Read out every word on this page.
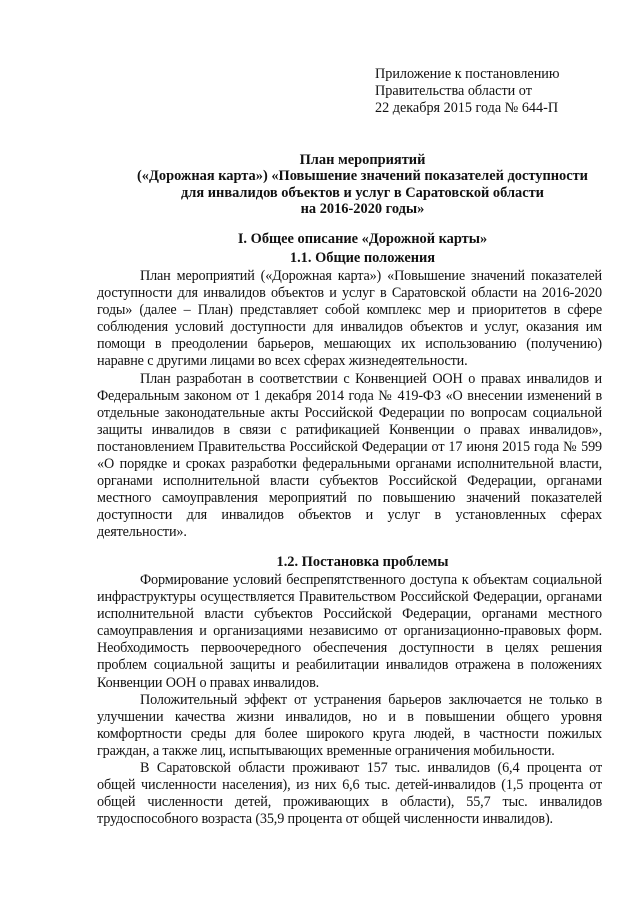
Приложение к постановлению
Правительства области от
22 декабря 2015 года № 644-П
План мероприятий
(«Дорожная карта») «Повышение значений показателей доступности
для инвалидов объектов и услуг в Саратовской области
на 2016-2020 годы»
I. Общее описание «Дорожной карты»
1.1. Общие положения

План мероприятий («Дорожная карта») «Повышение значений показателей доступности для инвалидов объектов и услуг в Саратовской области на 2016-2020 годы» (далее – План) представляет собой комплекс мер и приоритетов в сфере соблюдения условий доступности для инвалидов объектов и услуг, оказания им помощи в преодолении барьеров, мешающих их использованию (получению) наравне с другими лицами во всех сферах жизнедеятельности.

План разработан в соответствии с Конвенцией ООН о правах инвалидов и Федеральным законом от 1 декабря 2014 года № 419-ФЗ «О внесении изменений в отдельные законодательные акты Российской Федерации по вопросам социальной защиты инвалидов в связи с ратификацией Конвенции о правах инвалидов», постановлением Правительства Российской Федерации от 17 июня 2015 года № 599 «О порядке и сроках разработки федеральными органами исполнительной власти, органами исполнительной власти субъектов Российской Федерации, органами местного самоуправления мероприятий по повышению значений показателей доступности для инвалидов объектов и услуг в установленных сферах деятельности».

1.2. Постановка проблемы

Формирование условий беспрепятственного доступа к объектам социальной инфраструктуры осуществляется Правительством Российской Федерации, органами исполнительной власти субъектов Российской Федерации, органами местного самоуправления и организациями независимо от организационно-правовых форм. Необходимость первоочередного обеспечения доступности в целях решения проблем социальной защиты и реабилитации инвалидов отражена в положениях Конвенции ООН о правах инвалидов.

Положительный эффект от устранения барьеров заключается не только в улучшении качества жизни инвалидов, но и в повышении общего уровня комфортности среды для более широкого круга людей, в частности пожилых граждан, а также лиц, испытывающих временные ограничения мобильности.

В Саратовской области проживают 157 тыс. инвалидов (6,4 процента от общей численности населения), из них 6,6 тыс. детей-инвалидов (1,5 процента от общей численности детей, проживающих в области), 55,7 тыс. инвалидов трудоспособного возраста (35,9 процента от общей численности инвалидов).
